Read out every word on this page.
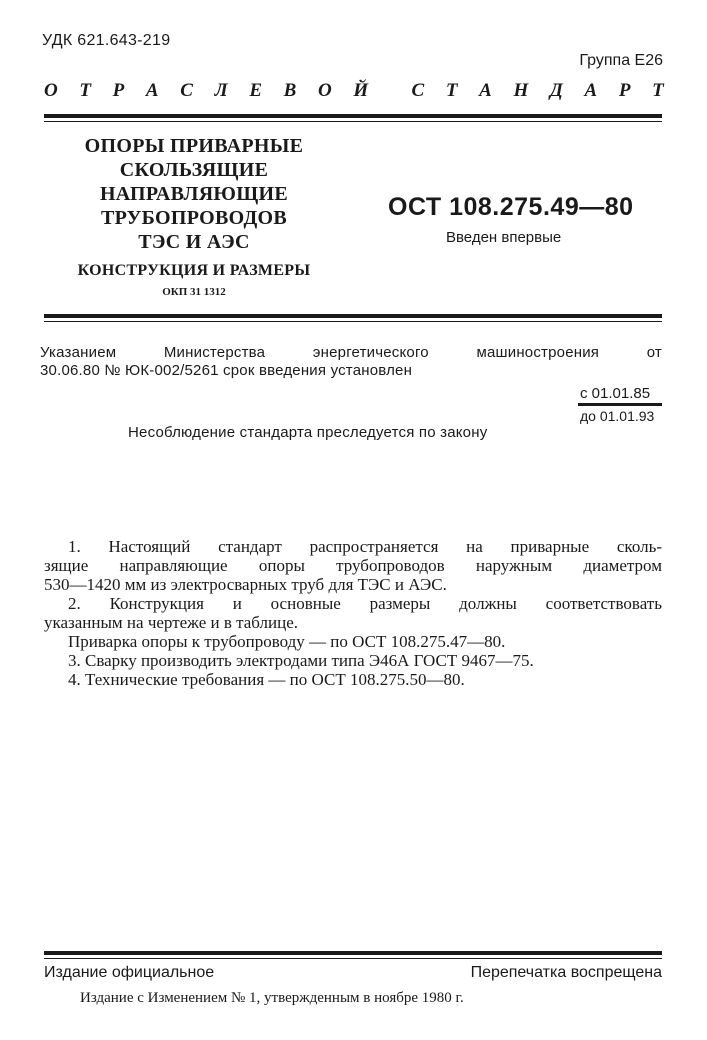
УДК 621.643-219
Группа Е26
О Т Р А С Л Е В О Й С Т А Н Д А Р Т
ОПОРЫ ПРИВАРНЫЕ
СКОЛЬЗЯЩИЕ
НАПРАВЛЯЮЩИЕ
ТРУБОПРОВОДОВ
ТЭС И АЭС
КОНСТРУКЦИЯ И РАЗМЕРЫ
ОКП 31 1312
ОСТ 108.275.49—80
Введен впервые
Указанием Министерства энергетического машиностроения от
30.06.80 № ЮК-002/5261 срок введения установлен
с 01.01.85
до 01.01.93
Несоблюдение стандарта преследуется по закону

1. Настоящий стандарт распространяется на приварные сколь-

зящие направляющие опоры трубопроводов наружным диаметром

530—1420 мм из электросварных труб для ТЭС и АЭС.

2. Конструкция и основные размеры должны соответствовать

указанным на чертеже и в таблице.

Приварка опоры к трубопроводу — по ОСТ 108.275.47—80.

3. Сварку производить электродами типа Э46А ГОСТ 9467—75.

4. Технические требования — по ОСТ 108.275.50—80.

Издание официальное	Перепечатка воспрещена
Издание с Изменением № 1, утвержденным в ноябре 1980 г.
